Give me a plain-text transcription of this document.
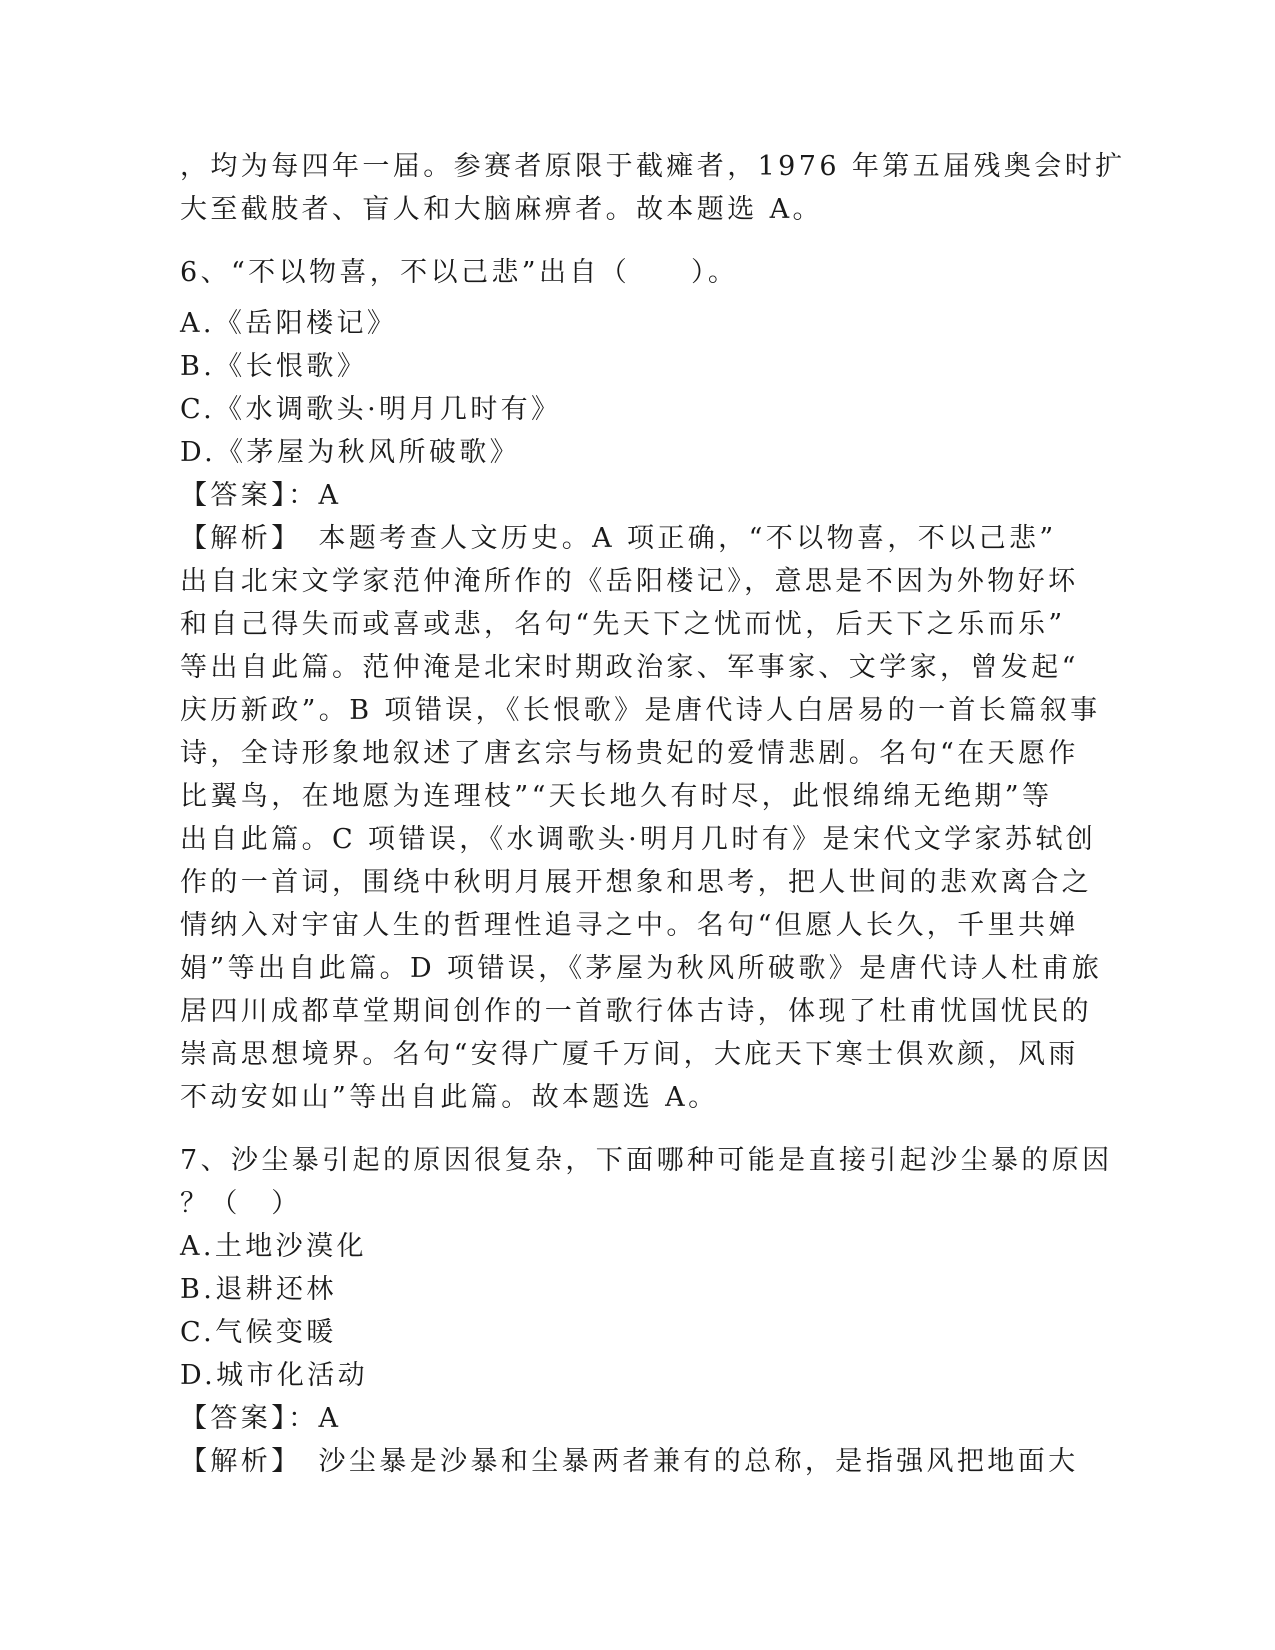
，均为每四年一届。参赛者原限于截瘫者，1976 年第五届残奥会时扩
大至截肢者、盲人和大脑麻痹者。故本题选 A。
6、“不以物喜，不以己悲”出自（　　）。
A.《岳阳楼记》
B.《长恨歌》
C.《水调歌头·明月几时有》
D.《茅屋为秋风所破歌》
【答案】：A
【解析】　本题考查人文历史。A 项正确，“不以物喜，不以己悲”
出自北宋文学家范仲淹所作的《岳阳楼记》，意思是不因为外物好坏
和自己得失而或喜或悲，名句“先天下之忧而忧，后天下之乐而乐”
等出自此篇。范仲淹是北宋时期政治家、军事家、文学家，曾发起“
庆历新政”。B 项错误，《长恨歌》是唐代诗人白居易的一首长篇叙事
诗，全诗形象地叙述了唐玄宗与杨贵妃的爱情悲剧。名句“在天愿作
比翼鸟，在地愿为连理枝”“天长地久有时尽，此恨绵绵无绝期”等
出自此篇。C 项错误，《水调歌头·明月几时有》是宋代文学家苏轼创
作的一首词，围绕中秋明月展开想象和思考，把人世间的悲欢离合之
情纳入对宇宙人生的哲理性追寻之中。名句“但愿人长久，千里共婵
娟”等出自此篇。D 项错误，《茅屋为秋风所破歌》是唐代诗人杜甫旅
居四川成都草堂期间创作的一首歌行体古诗，体现了杜甫忧国忧民的
崇高思想境界。名句“安得广厦千万间，大庇天下寒士俱欢颜，风雨
不动安如山”等出自此篇。故本题选 A。
7、沙尘暴引起的原因很复杂，下面哪种可能是直接引起沙尘暴的原因
？（　）
A.土地沙漠化
B.退耕还林
C.气候变暖
D.城市化活动
【答案】：A
【解析】　沙尘暴是沙暴和尘暴两者兼有的总称，是指强风把地面大
